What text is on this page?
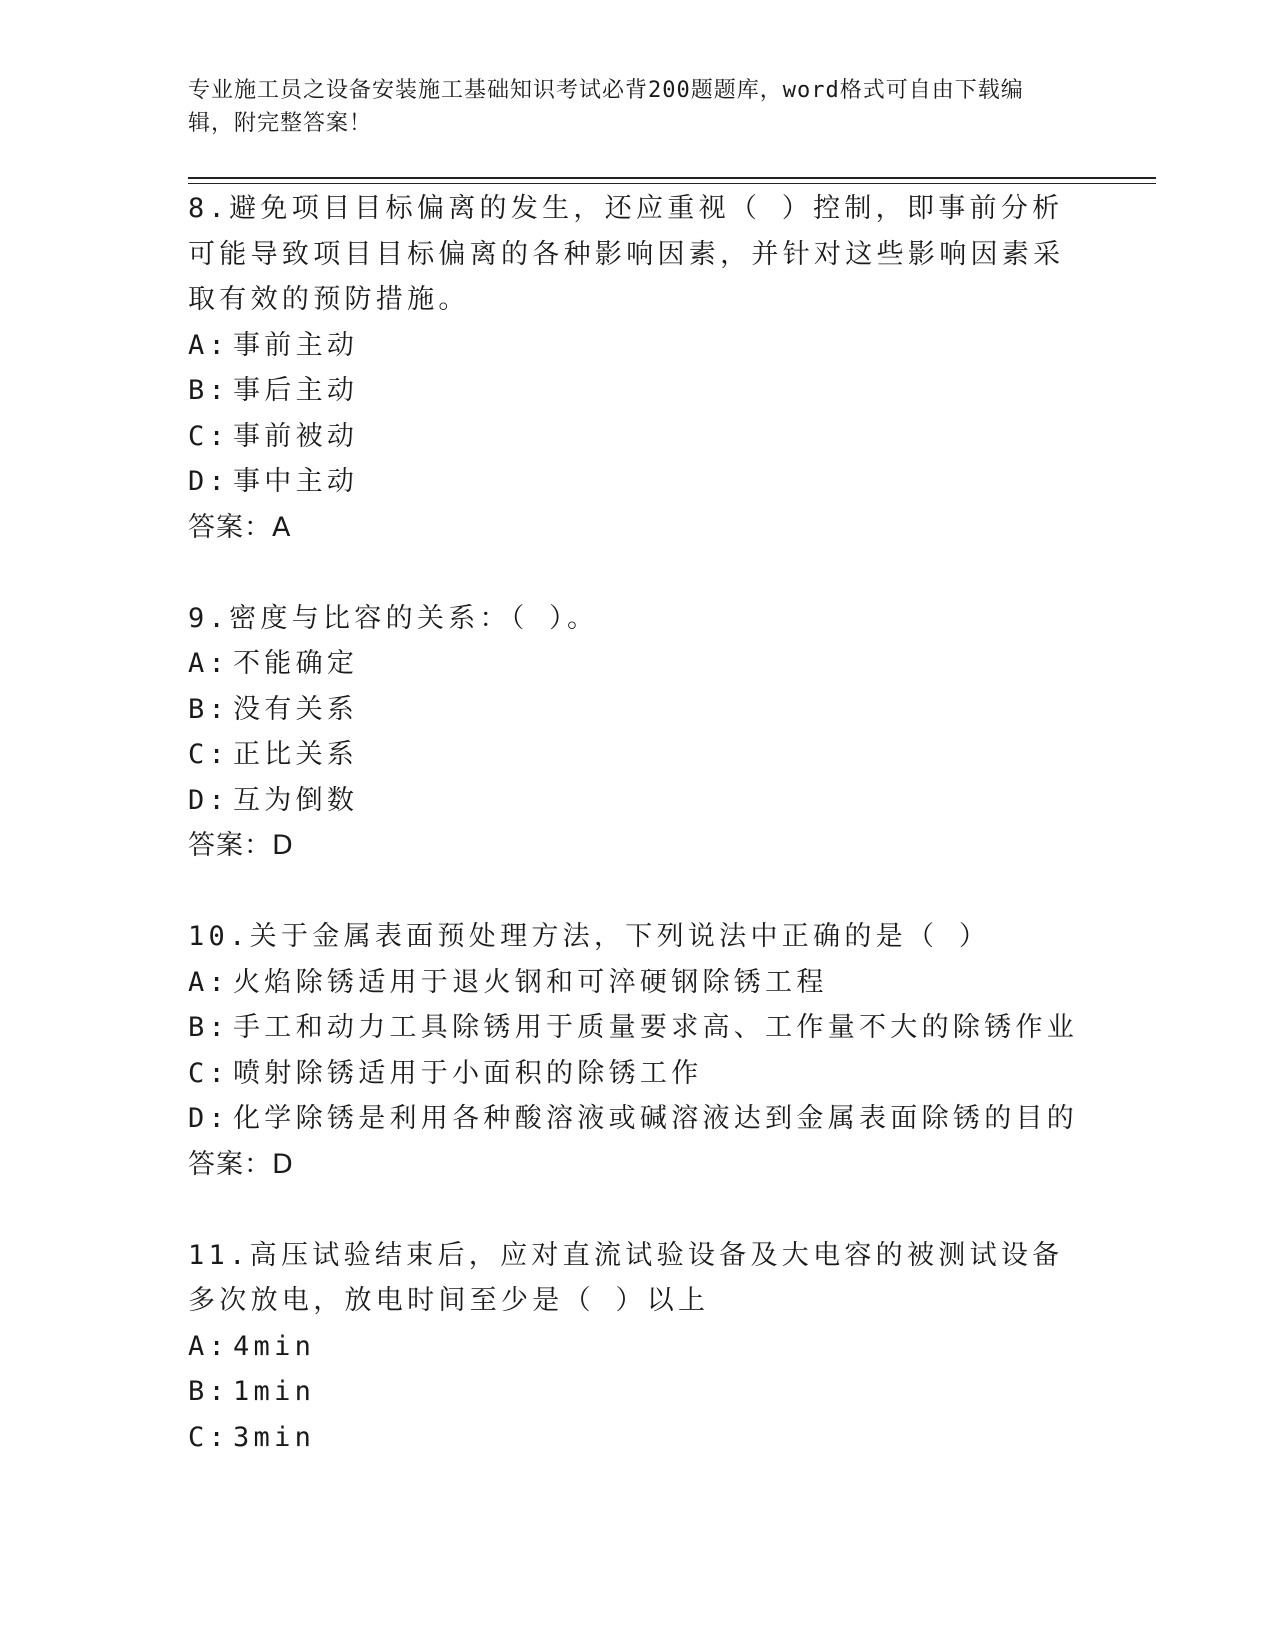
专业施工员之设备安装施工基础知识考试必背200题题库，word格式可自由下载编辑，附完整答案！

8.避免项目目标偏离的发生，还应重视（ ）控制，即事前分析可能导致项目目标偏离的各种影响因素，并针对这些影响因素采取有效的预防措施。

A: 事前主动

B: 事后主动

C: 事前被动

D: 事中主动

答案：A

9.密度与比容的关系：（ ）。

A: 不能确定

B: 没有关系

C: 正比关系

D: 互为倒数

答案：D

10.关于金属表面预处理方法，下列说法中正确的是（ ）

A: 火焰除锈适用于退火钢和可淬硬钢除锈工程

B: 手工和动力工具除锈用于质量要求高、工作量不大的除锈作业

C: 喷射除锈适用于小面积的除锈工作

D: 化学除锈是利用各种酸溶液或碱溶液达到金属表面除锈的目的

答案：D

11.高压试验结束后，应对直流试验设备及大电容的被测试设备多次放电，放电时间至少是（ ）以上

A: 4min

B: 1min

C: 3min
